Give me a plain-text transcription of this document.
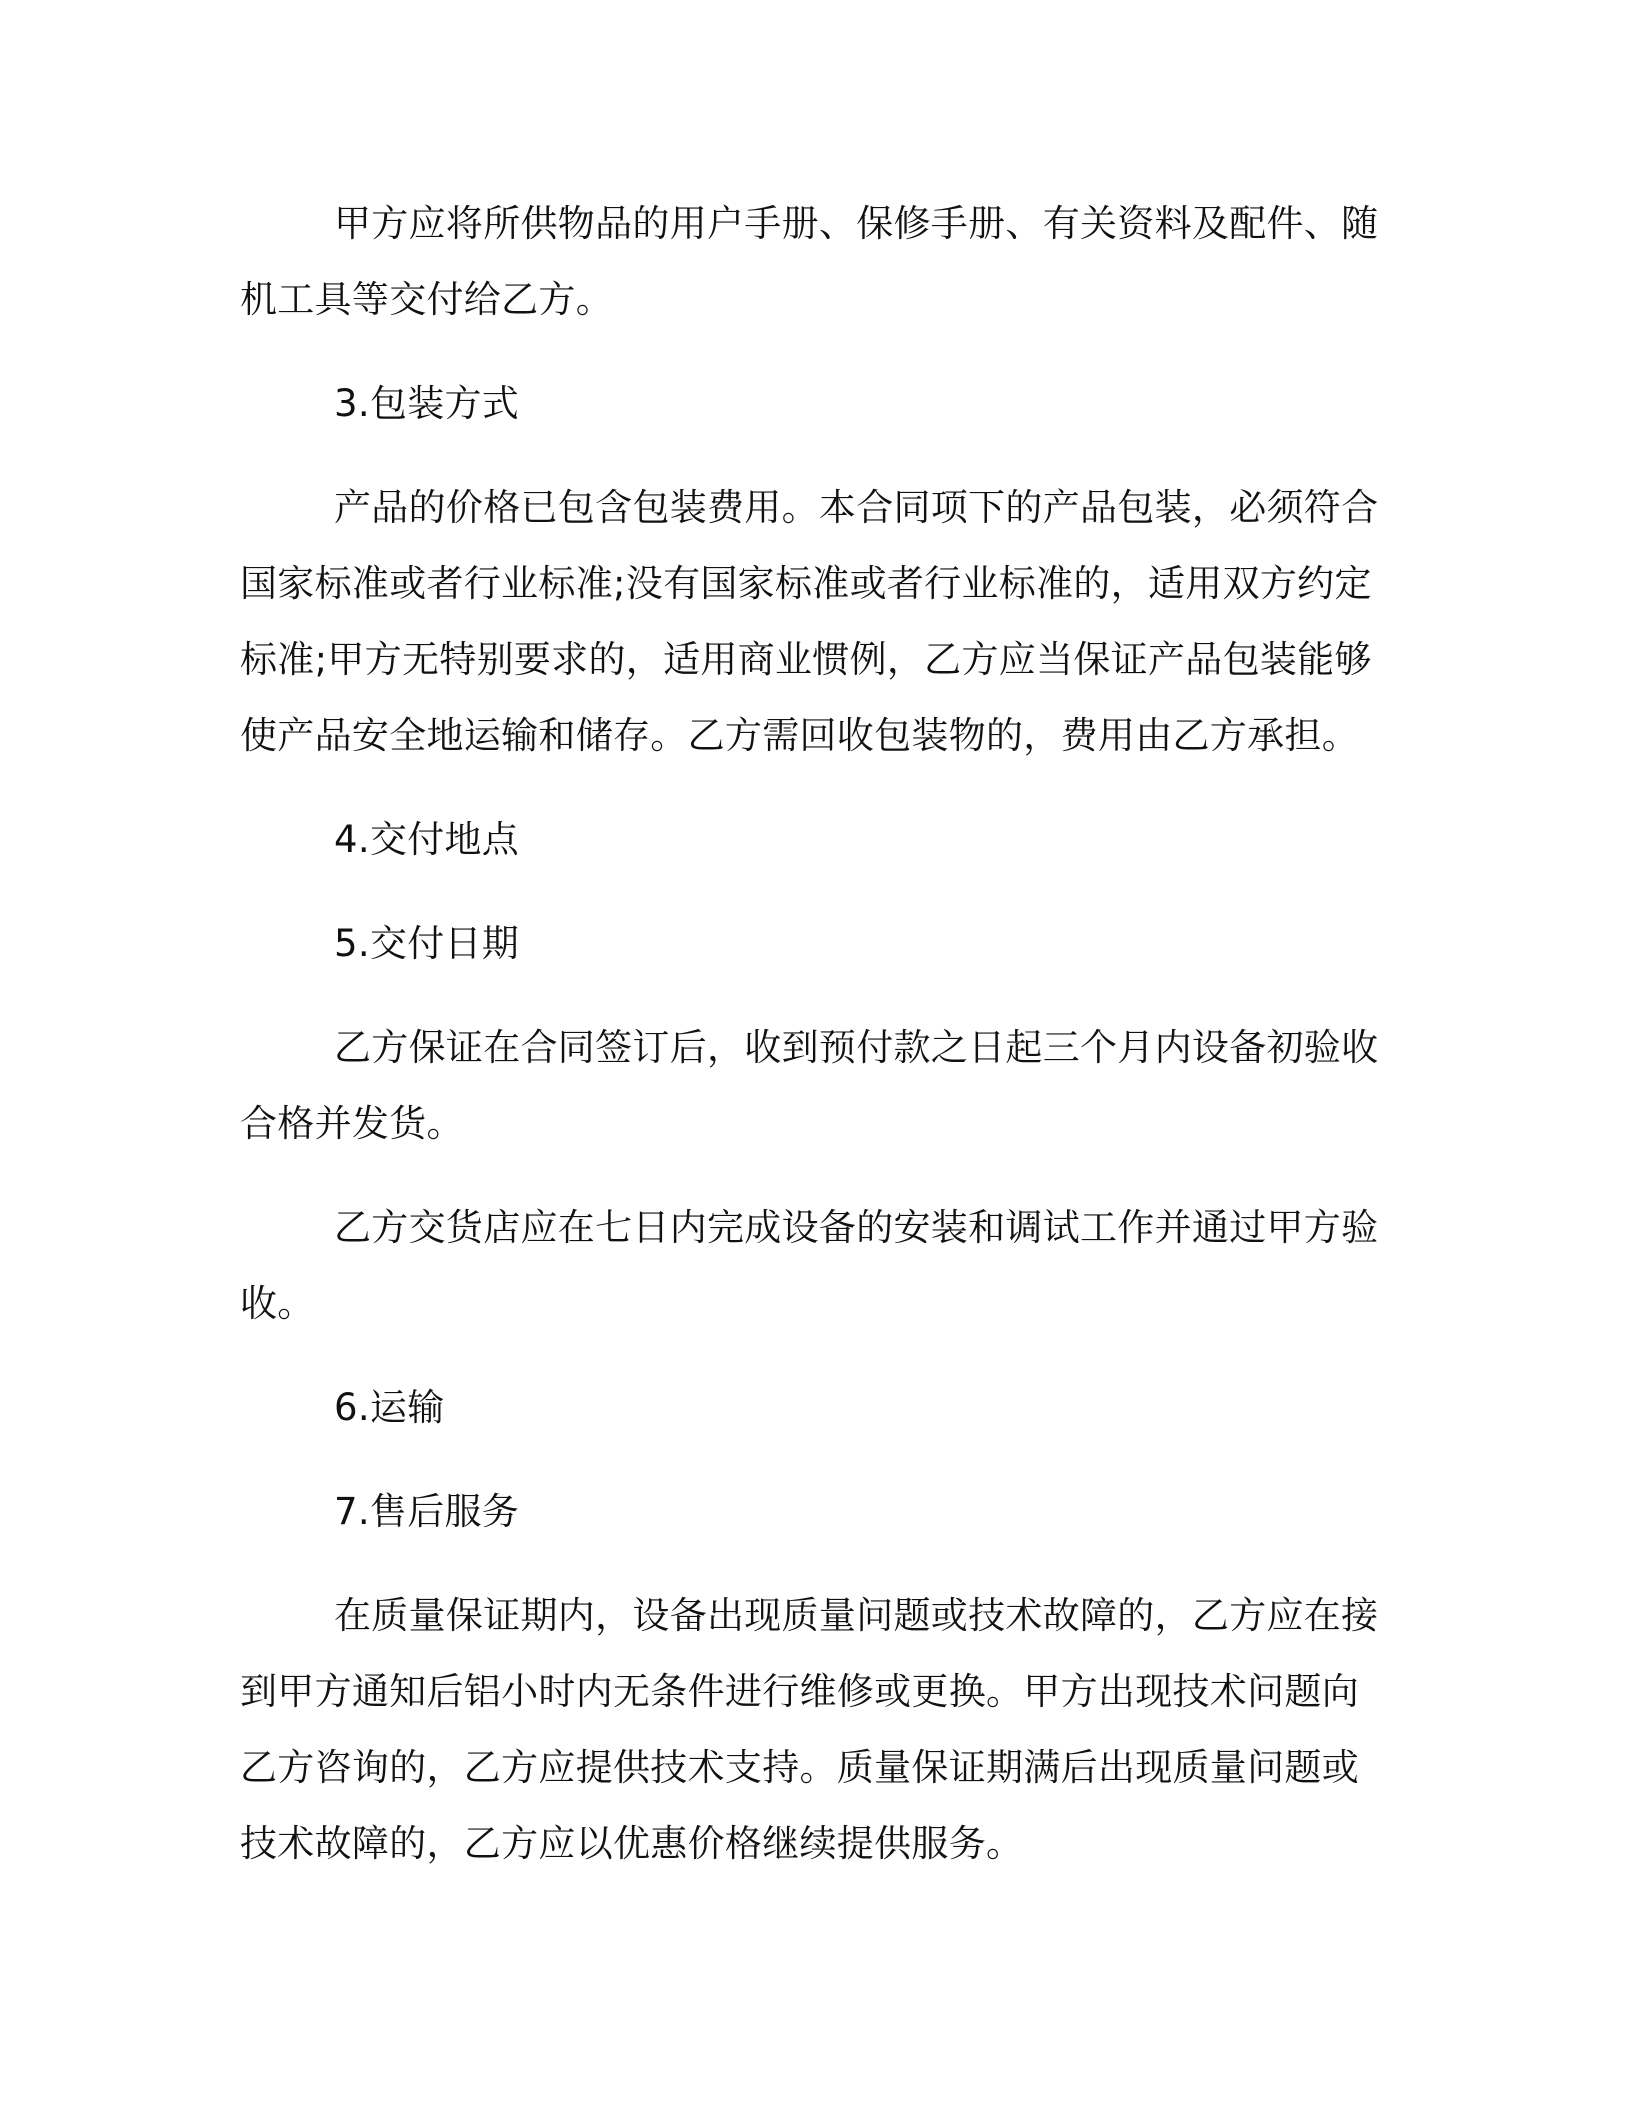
甲方应将所供物品的用户手册、保修手册、有关资料及配件、随机工具等交付给乙方。

3.包装方式

产品的价格已包含包装费用。本合同项下的产品包装，必须符合国家标准或者行业标准;没有国家标准或者行业标准的，适用双方约定标准;甲方无特别要求的，适用商业惯例，乙方应当保证产品包装能够使产品安全地运输和储存。乙方需回收包装物的，费用由乙方承担。

4.交付地点

5.交付日期

乙方保证在合同签订后，收到预付款之日起三个月内设备初验收合格并发货。

乙方交货店应在七日内完成设备的安装和调试工作并通过甲方验收。

6.运输

7.售后服务

在质量保证期内，设备出现质量问题或技术故障的，乙方应在接到甲方通知后铝小时内无条件进行维修或更换。甲方出现技术问题向乙方咨询的，乙方应提供技术支持。质量保证期满后出现质量问题或技术故障的，乙方应以优惠价格继续提供服务。
